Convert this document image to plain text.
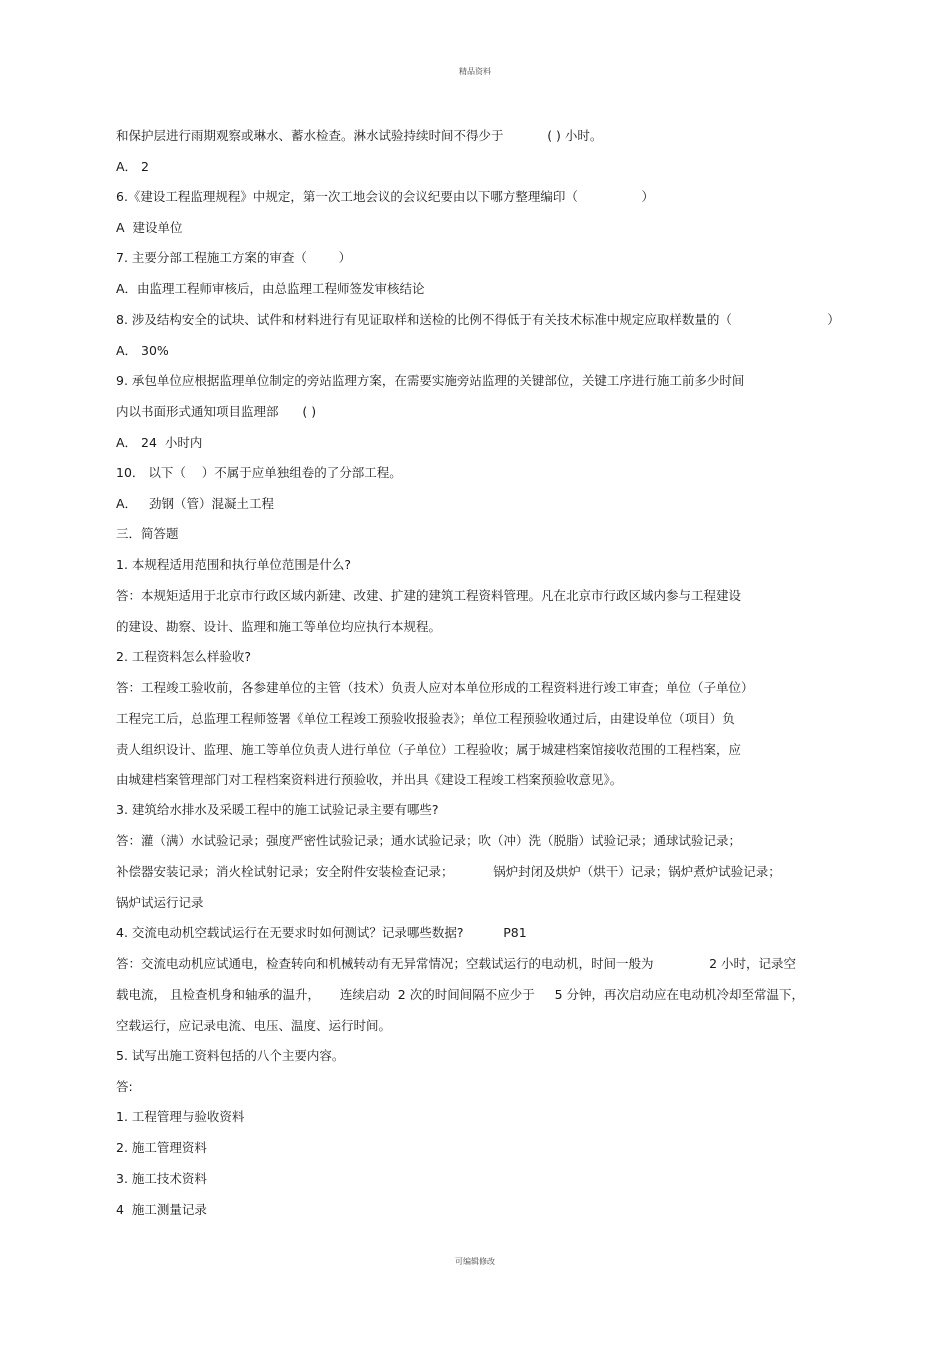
精品资料
和保护层进行雨期观察或琳水、蓄水检查。淋水试验持续时间不得少于           ( ) 小时。
A． 2
6.《建设工程监理规程》中规定，第一次工地会议的会议纪要由以下哪方整理编印（                ）
A  建设单位
7. 主要分部工程施工方案的审查（        ）
A．由监理工程师审核后，由总监理工程师签发审核结论
8. 涉及结构安全的试块、试件和材料进行有见证取样和送检的比例不得低于有关技术标准中规定应取样数量的（                        ）
A． 30%
9. 承包单位应根据监理单位制定的旁站监理方案，在需要实施旁站监理的关键部位，关键工序进行施工前多少时间
内以书面形式通知项目监理部      ( )
A． 24  小时内
10． 以下（    ）不属于应单独组卷的了分部工程。
A．   劲钢（管）混凝土工程
三．简答题
1. 本规程适用范围和执行单位范围是什么?
答：本规矩适用于北京市行政区域内新建、改建、扩建的建筑工程资料管理。凡在北京市行政区域内参与工程建设
的建设、勘察、设计、监理和施工等单位均应执行本规程。
2. 工程资料怎么样验收?
答：工程竣工验收前，各参建单位的主管（技术）负责人应对本单位形成的工程资料进行竣工审查；单位（子单位）
工程完工后，总监理工程师签署《单位工程竣工预验收报验表》；单位工程预验收通过后，由建设单位（项目）负
责人组织设计、监理、施工等单位负责人进行单位（子单位）工程验收；属于城建档案馆接收范围的工程档案，应
由城建档案管理部门对工程档案资料进行预验收，并出具《建设工程竣工档案预验收意见》。
3. 建筑给水排水及采暖工程中的施工试验记录主要有哪些?
答：灌（满）水试验记录；强度严密性试验记录；通水试验记录；吹（冲）洗（脱脂）试验记录；通球试验记录；
补偿器安装记录；消火栓试射记录；安全附件安装检查记录；          锅炉封闭及烘炉（烘干）记录；锅炉煮炉试验记录；
锅炉试运行记录
4. 交流电动机空载试运行在无要求时如何测试？记录哪些数据?          P81
答：交流电动机应试通电，检查转向和机械转动有无异常情况；空载试运行的电动机，时间一般为              2 小时，记录空
载电流， 且检查机身和轴承的温升，     连续启动  2 次的时间间隔不应少于     5 分钟，再次启动应在电动机冷却至常温下，
空载运行，应记录电流、电压、温度、运行时间。
5. 试写出施工资料包括的八个主要内容。
答:
1. 工程管理与验收资料
2. 施工管理资料
3. 施工技术资料
4  施工测量记录
可编辑修改
